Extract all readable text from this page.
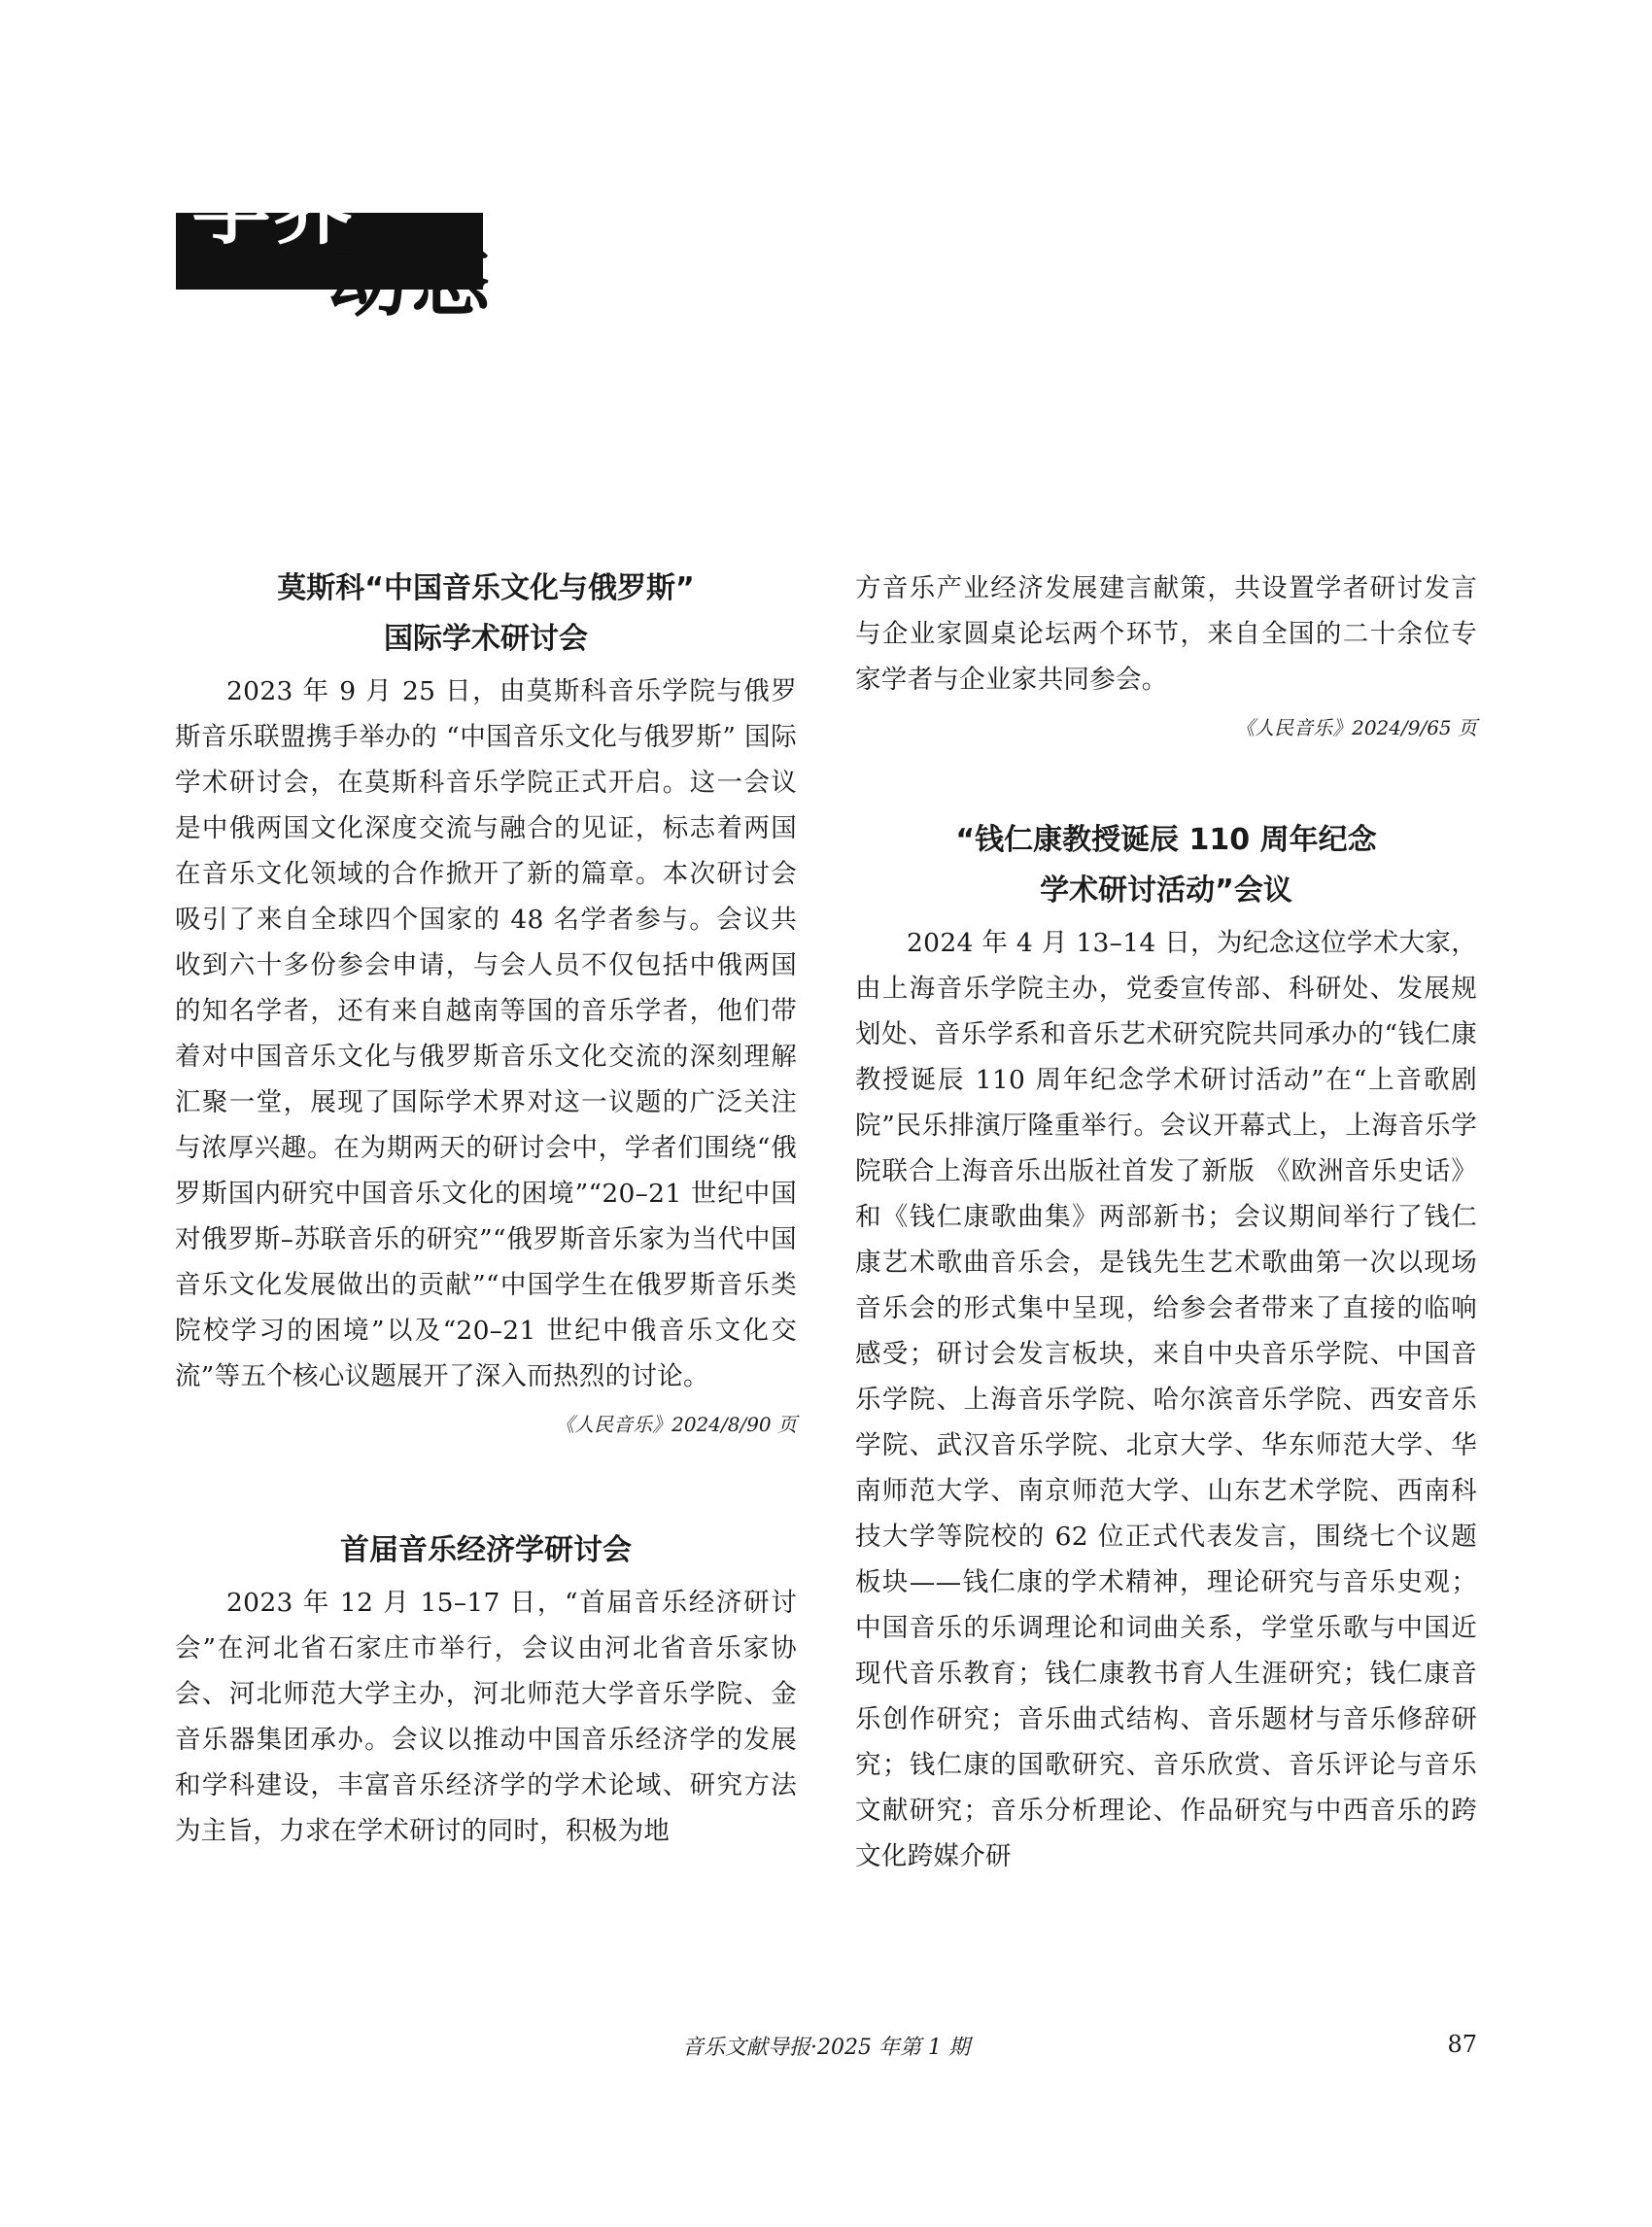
学界
动态
莫斯科“中国音乐文化与俄罗斯”
国际学术研讨会

2023 年 9 月 25 日，由莫斯科音乐学院与俄罗斯音乐联盟携手举办的 “中国音乐文化与俄罗斯” 国际学术研讨会，在莫斯科音乐学院正式开启。这一会议是中俄两国文化深度交流与融合的见证，标志着两国在音乐文化领域的合作掀开了新的篇章。本次研讨会吸引了来自全球四个国家的 48 名学者参与。会议共收到六十多份参会申请，与会人员不仅包括中俄两国的知名学者，还有来自越南等国的音乐学者，他们带着对中国音乐文化与俄罗斯音乐文化交流的深刻理解汇聚一堂，展现了国际学术界对这一议题的广泛关注与浓厚兴趣。在为期两天的研讨会中，学者们围绕“俄罗斯国内研究中国音乐文化的困境”“20–21 世纪中国对俄罗斯–苏联音乐的研究”“俄罗斯音乐家为当代中国音乐文化发展做出的贡献”“中国学生在俄罗斯音乐类院校学习的困境”以及“20–21 世纪中俄音乐文化交流”等五个核心议题展开了深入而热烈的讨论。

《人民音乐》2024/8/90 页

首届音乐经济学研讨会

2023 年 12 月 15–17 日，“首届音乐经济研讨会”在河北省石家庄市举行，会议由河北省音乐家协会、河北师范大学主办，河北师范大学音乐学院、金音乐器集团承办。会议以推动中国音乐经济学的发展和学科建设，丰富音乐经济学的学术论域、研究方法为主旨，力求在学术研讨的同时，积极为地

方音乐产业经济发展建言献策，共设置学者研讨发言与企业家圆桌论坛两个环节，来自全国的二十余位专家学者与企业家共同参会。

《人民音乐》2024/9/65 页

“钱仁康教授诞辰 110 周年纪念
学术研讨活动”会议

2024 年 4 月 13–14 日，为纪念这位学术大家，由上海音乐学院主办，党委宣传部、科研处、发展规划处、音乐学系和音乐艺术研究院共同承办的“钱仁康教授诞辰 110 周年纪念学术研讨活动”在“上音歌剧院”民乐排演厅隆重举行。会议开幕式上，上海音乐学院联合上海音乐出版社首发了新版 《欧洲音乐史话》和《钱仁康歌曲集》两部新书；会议期间举行了钱仁康艺术歌曲音乐会，是钱先生艺术歌曲第一次以现场音乐会的形式集中呈现，给参会者带来了直接的临响感受；研讨会发言板块，来自中央音乐学院、中国音乐学院、上海音乐学院、哈尔滨音乐学院、西安音乐学院、武汉音乐学院、北京大学、华东师范大学、华南师范大学、南京师范大学、山东艺术学院、西南科技大学等院校的 62 位正式代表发言，围绕七个议题板块——钱仁康的学术精神，理论研究与音乐史观；中国音乐的乐调理论和词曲关系，学堂乐歌与中国近现代音乐教育；钱仁康教书育人生涯研究；钱仁康音乐创作研究；音乐曲式结构、音乐题材与音乐修辞研究；钱仁康的国歌研究、音乐欣赏、音乐评论与音乐文献研究；音乐分析理论、作品研究与中西音乐的跨文化跨媒介研

音乐文献导报·2025 年第 1 期	87
